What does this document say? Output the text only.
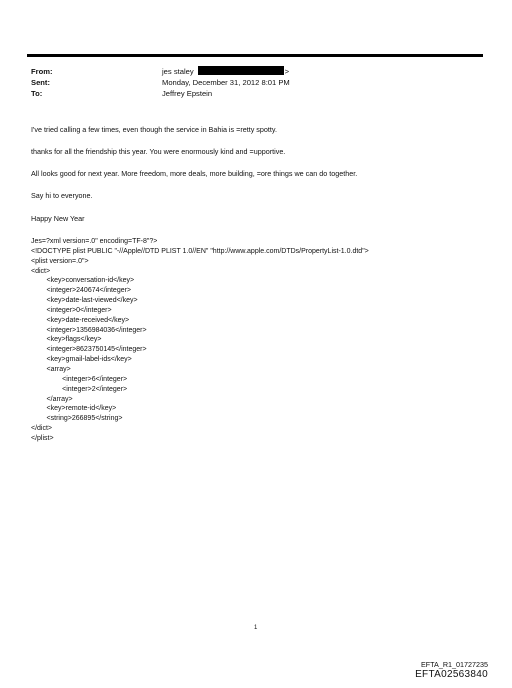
From:	jes staley	>
Sent:	Monday, December 31, 2012 8:01 PM
To:	Jeffrey Epstein
I've tried calling a few times, even though the service in Bahia is =retty spotty.
thanks for all the friendship this year. You were enormously kind and =upportive.
All looks good for next year. More freedom, more deals, more building, =ore things we can do together.
Say hi to everyone.
Happy New Year
Jes=?xml version=.0" encoding=TF-8"?>
<!DOCTYPE plist PUBLIC "-//Apple//DTD PLIST 1.0//EN" "http://www.apple.com/DTDs/PropertyList-1.0.dtd">
<plist version=.0">
<dict>
<key>conversation-id</key>
<integer>240674</integer>
<key>date-last-viewed</key>
<integer>0</integer>
<key>date-received</key>
<integer>1356984036</integer>
<key>flags</key>
<integer>8623750145</integer>
<key>gmail-label-ids</key>
<array>
<integer>6</integer>
<integer>2</integer>
</array>
<key>remote-id</key>
<string>266895</string>
</dict>
</plist>
1
EFTA_R1_01727235
EFTA02563840
